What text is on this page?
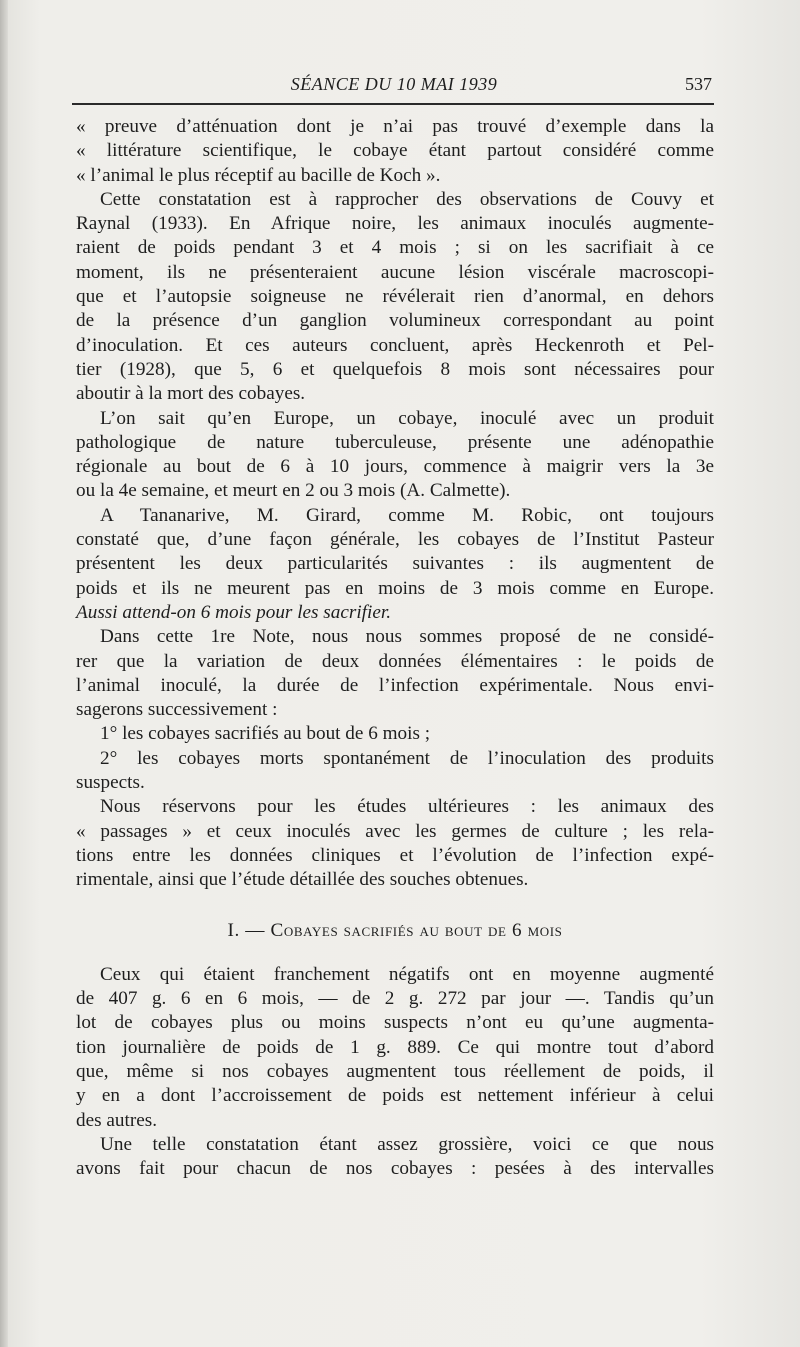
SÉANCE DU 10 MAI 1939	537
« preuve d’atténuation dont je n’ai pas trouvé d’exemple dans la
« littérature scientifique, le cobaye étant partout considéré comme
« l’animal le plus réceptif au bacille de Koch ».
Cette constatation est à rapprocher des observations de Couvy et
Raynal (1933). En Afrique noire, les animaux inoculés augmente-
raient de poids pendant 3 et 4 mois ; si on les sacrifiait à ce
moment, ils ne présenteraient aucune lésion viscérale macroscopi-
que et l’autopsie soigneuse ne révélerait rien d’anormal, en dehors
de la présence d’un ganglion volumineux correspondant au point
d’inoculation. Et ces auteurs concluent, après Heckenroth et Pel-
tier (1928), que 5, 6 et quelquefois 8 mois sont nécessaires pour
aboutir à la mort des cobayes.
L’on sait qu’en Europe, un cobaye, inoculé avec un produit
pathologique de nature tuberculeuse, présente une adénopathie
régionale au bout de 6 à 10 jours, commence à maigrir vers la 3e
ou la 4e semaine, et meurt en 2 ou 3 mois (A. Calmette).
A Tananarive, M. Girard, comme M. Robic, ont toujours
constaté que, d’une façon générale, les cobayes de l’Institut Pasteur
présentent les deux particularités suivantes : ils augmentent de
poids et ils ne meurent pas en moins de 3 mois comme en Europe.
Aussi attend-on 6 mois pour les sacrifier.
Dans cette 1re Note, nous nous sommes proposé de ne considé-
rer que la variation de deux données élémentaires : le poids de
l’animal inoculé, la durée de l’infection expérimentale. Nous envi-
sagerons successivement :
1° les cobayes sacrifiés au bout de 6 mois ;
2° les cobayes morts spontanément de l’inoculation des produits
suspects.
Nous réservons pour les études ultérieures : les animaux des
« passages » et ceux inoculés avec les germes de culture ; les rela-
tions entre les données cliniques et l’évolution de l’infection expé-
rimentale, ainsi que l’étude détaillée des souches obtenues.
I. — Cobayes sacrifiés au bout de 6 mois
Ceux qui étaient franchement négatifs ont en moyenne augmenté
de 407 g. 6 en 6 mois, — de 2 g. 272 par jour —. Tandis qu’un
lot de cobayes plus ou moins suspects n’ont eu qu’une augmenta-
tion journalière de poids de 1 g. 889. Ce qui montre tout d’abord
que, même si nos cobayes augmentent tous réellement de poids, il
y en a dont l’accroissement de poids est nettement inférieur à celui
des autres.
Une telle constatation étant assez grossière, voici ce que nous
avons fait pour chacun de nos cobayes : pesées à des intervalles
